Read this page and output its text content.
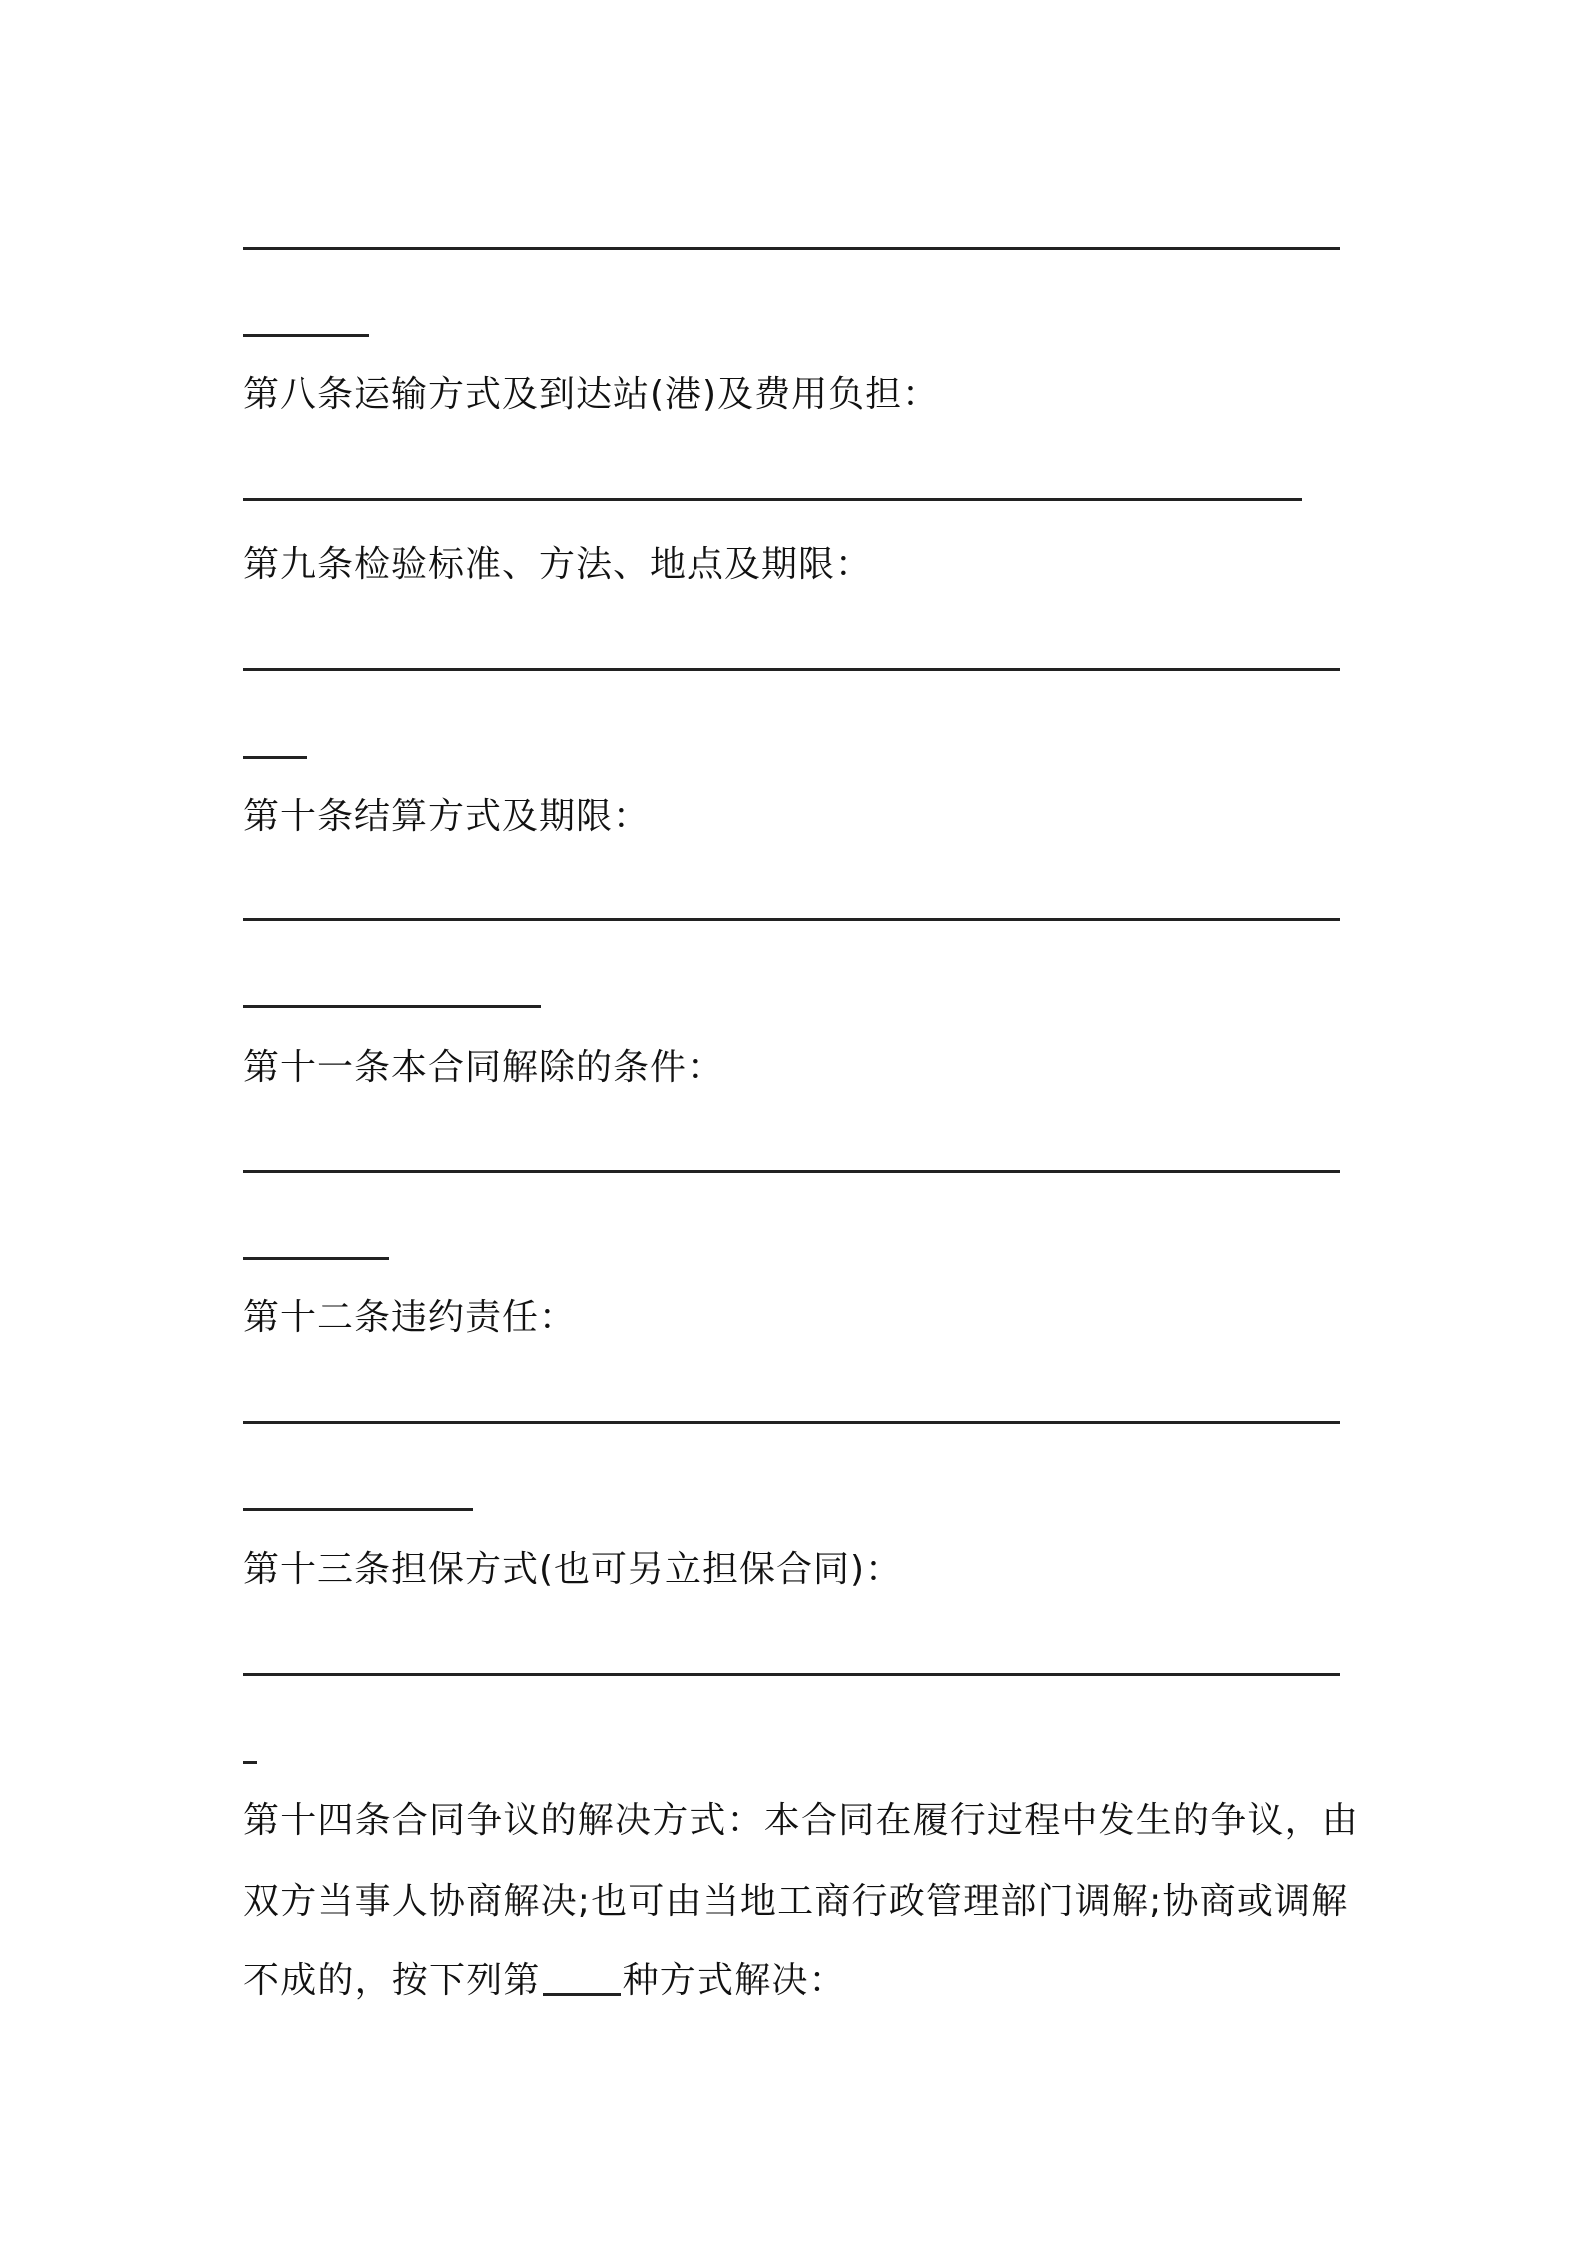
第八条运输方式及到达站(港)及费用负担：
第九条检验标准、方法、地点及期限：
第十条结算方式及期限：
第十一条本合同解除的条件：
第十二条违约责任：
第十三条担保方式(也可另立担保合同)：
第十四条合同争议的解决方式：本合同在履行过程中发生的争议，由
双方当事人协商解决;也可由当地工商行政管理部门调解;协商或调解
不成的，按下列第 种方式解决：
